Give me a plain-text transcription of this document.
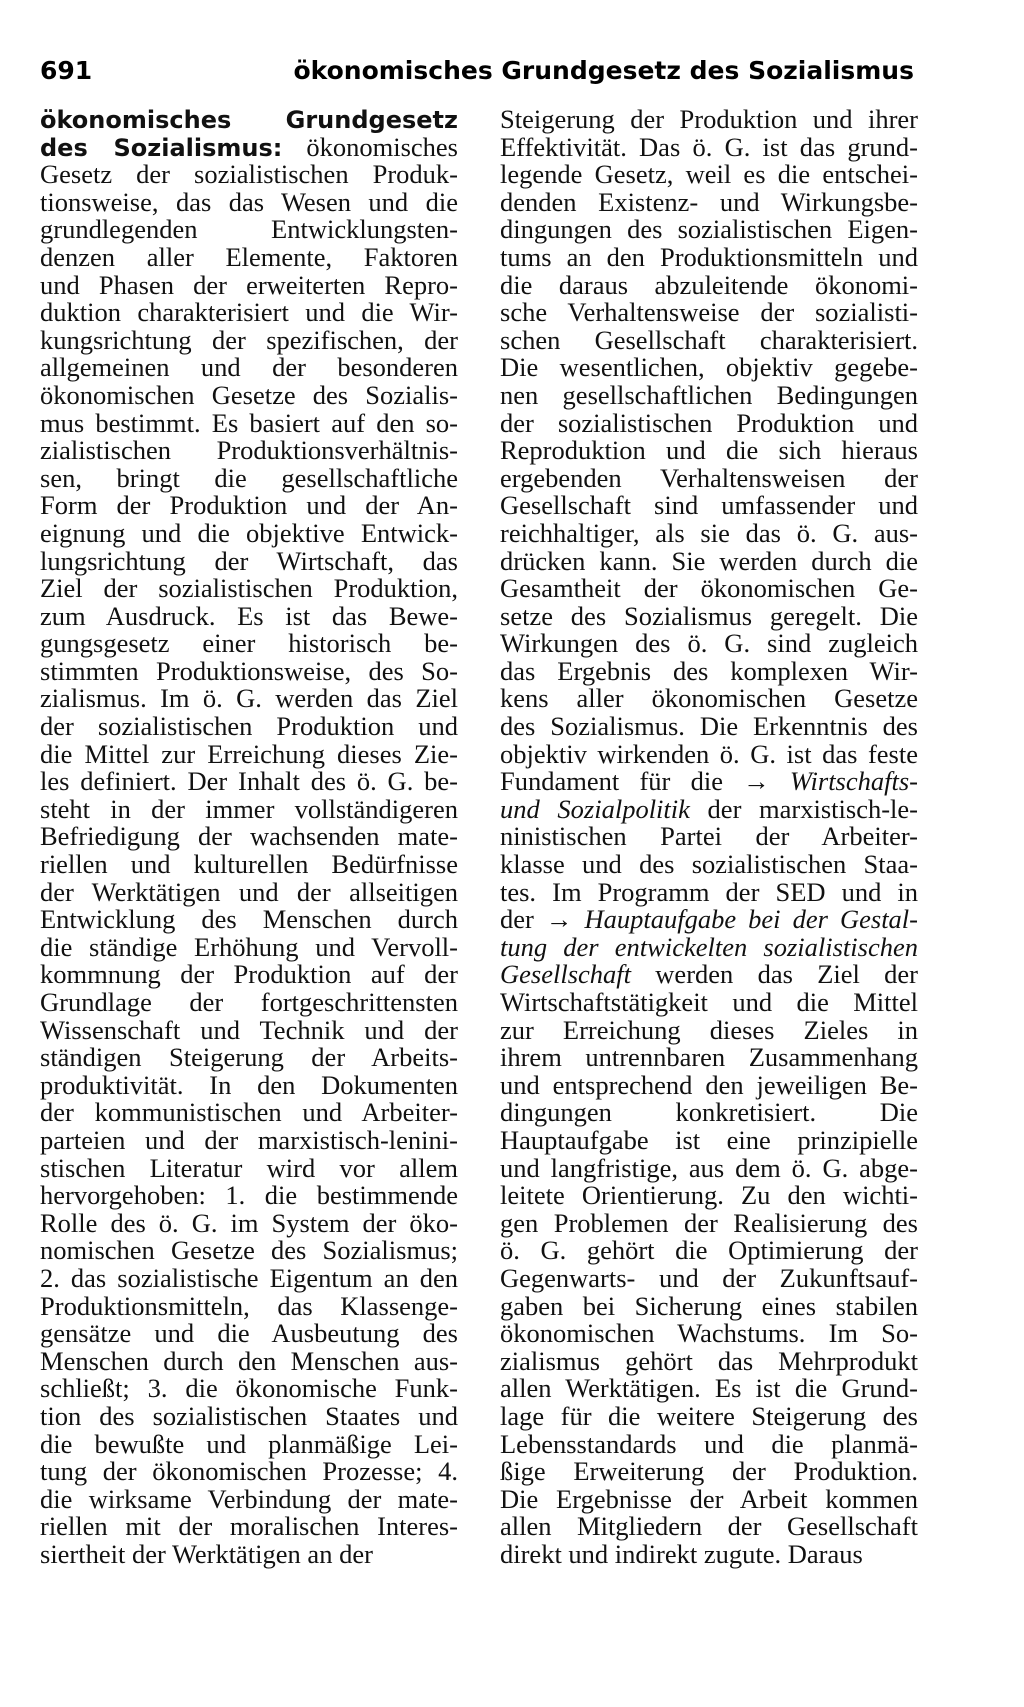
691	ökonomisches Grundgesetz des Sozialismus
ökonomisches Grundgesetz
des Sozialismus: ökonomisches
Gesetz der sozialistischen Produk-
tionsweise, das das Wesen und die
grundlegenden Entwicklungsten-
denzen aller Elemente, Faktoren
und Phasen der erweiterten Repro-
duktion charakterisiert und die Wir-
kungsrichtung der spezifischen, der
allgemeinen und der besonderen
ökonomischen Gesetze des Sozialis-
mus bestimmt. Es basiert auf den so-
zialistischen Produktionsverhältnis-
sen, bringt die gesellschaftliche
Form der Produktion und der An-
eignung und die objektive Entwick-
lungsrichtung der Wirtschaft, das
Ziel der sozialistischen Produktion,
zum Ausdruck. Es ist das Bewe-
gungsgesetz einer historisch be-
stimmten Produktionsweise, des So-
zialismus. Im ö. G. werden das Ziel
der sozialistischen Produktion und
die Mittel zur Erreichung dieses Zie-
les definiert. Der Inhalt des ö. G. be-
steht in der immer vollständigeren
Befriedigung der wachsenden mate-
riellen und kulturellen Bedürfnisse
der Werktätigen und der allseitigen
Entwicklung des Menschen durch
die ständige Erhöhung und Vervoll-
kommnung der Produktion auf der
Grundlage der fortgeschrittensten
Wissenschaft und Technik und der
ständigen Steigerung der Arbeits-
produktivität. In den Dokumenten
der kommunistischen und Arbeiter-
parteien und der marxistisch-lenini-
stischen Literatur wird vor allem
hervorgehoben: 1. die bestimmende
Rolle des ö. G. im System der öko-
nomischen Gesetze des Sozialismus;
2. das sozialistische Eigentum an den
Produktionsmitteln, das Klassenge-
gensätze und die Ausbeutung des
Menschen durch den Menschen aus-
schließt; 3. die ökonomische Funk-
tion des sozialistischen Staates und
die bewußte und planmäßige Lei-
tung der ökonomischen Prozesse; 4.
die wirksame Verbindung der mate-
riellen mit der moralischen Interes-
siertheit der Werktätigen an der
Steigerung der Produktion und ihrer
Effektivität. Das ö. G. ist das grund-
legende Gesetz, weil es die entschei-
denden Existenz- und Wirkungsbe-
dingungen des sozialistischen Eigen-
tums an den Produktionsmitteln und
die daraus abzuleitende ökonomi-
sche Verhaltensweise der sozialisti-
schen Gesellschaft charakterisiert.
Die wesentlichen, objektiv gegebe-
nen gesellschaftlichen Bedingungen
der sozialistischen Produktion und
Reproduktion und die sich hieraus
ergebenden Verhaltensweisen der
Gesellschaft sind umfassender und
reichhaltiger, als sie das ö. G. aus-
drücken kann. Sie werden durch die
Gesamtheit der ökonomischen Ge-
setze des Sozialismus geregelt. Die
Wirkungen des ö. G. sind zugleich
das Ergebnis des komplexen Wir-
kens aller ökonomischen Gesetze
des Sozialismus. Die Erkenntnis des
objektiv wirkenden ö. G. ist das feste
Fundament für die → Wirtschafts-
und Sozialpolitik der marxistisch-le-
ninistischen Partei der Arbeiter-
klasse und des sozialistischen Staa-
tes. Im Programm der SED und in
der → Hauptaufgabe bei der Gestal-
tung der entwickelten sozialistischen
Gesellschaft werden das Ziel der
Wirtschaftstätigkeit und die Mittel
zur Erreichung dieses Zieles in
ihrem untrennbaren Zusammenhang
und entsprechend den jeweiligen Be-
dingungen konkretisiert. Die
Hauptaufgabe ist eine prinzipielle
und langfristige, aus dem ö. G. abge-
leitete Orientierung. Zu den wichti-
gen Problemen der Realisierung des
ö. G. gehört die Optimierung der
Gegenwarts- und der Zukunftsauf-
gaben bei Sicherung eines stabilen
ökonomischen Wachstums. Im So-
zialismus gehört das Mehrprodukt
allen Werktätigen. Es ist die Grund-
lage für die weitere Steigerung des
Lebensstandards und die planmä-
ßige Erweiterung der Produktion.
Die Ergebnisse der Arbeit kommen
allen Mitgliedern der Gesellschaft
direkt und indirekt zugute. Daraus
